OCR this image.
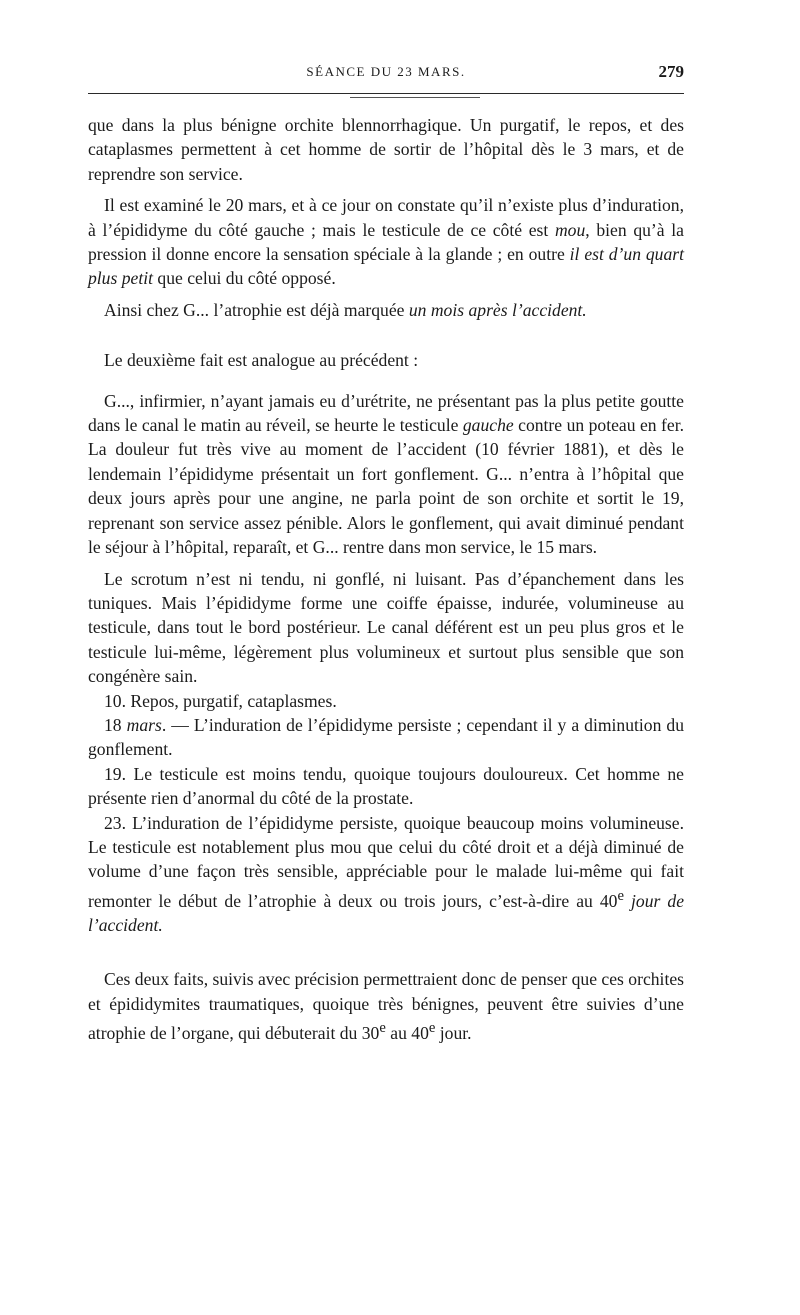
SÉANCE DU 23 MARS.	279

que dans la plus bénigne orchite blennorrhagique. Un purgatif, le repos, et des cataplasmes permettent à cet homme de sortir de l’hôpital dès le 3 mars, et de reprendre son service.

Il est examiné le 20 mars, et à ce jour on constate qu’il n’existe plus d’induration, à l’épididyme du côté gauche ; mais le testicule de ce côté est mou, bien qu’à la pression il donne encore la sensation spéciale à la glande ; en outre il est d’un quart plus petit que celui du côté opposé.

Ainsi chez G... l’atrophie est déjà marquée un mois après l’accident.

Le deuxième fait est analogue au précédent :

G..., infirmier, n’ayant jamais eu d’urétrite, ne présentant pas la plus petite goutte dans le canal le matin au réveil, se heurte le testicule gauche contre un poteau en fer. La douleur fut très vive au moment de l’accident (10 février 1881), et dès le lendemain l’épididyme présentait un fort gonflement. G... n’entra à l’hôpital que deux jours après pour une angine, ne parla point de son orchite et sortit le 19, reprenant son service assez pénible. Alors le gonflement, qui avait diminué pendant le séjour à l’hôpital, reparaît, et G... rentre dans mon service, le 15 mars.

Le scrotum n’est ni tendu, ni gonflé, ni luisant. Pas d’épanchement dans les tuniques. Mais l’épididyme forme une coiffe épaisse, indurée, volumineuse au testicule, dans tout le bord postérieur. Le canal déférent est un peu plus gros et le testicule lui-même, légèrement plus volumineux et surtout plus sensible que son congénère sain.

10. Repos, purgatif, cataplasmes.

18 mars. — L’induration de l’épididyme persiste ; cependant il y a diminution du gonflement.

19. Le testicule est moins tendu, quoique toujours douloureux. Cet homme ne présente rien d’anormal du côté de la prostate.

23. L’induration de l’épididyme persiste, quoique beaucoup moins volumineuse. Le testicule est notablement plus mou que celui du côté droit et a déjà diminué de volume d’une façon très sensible, appréciable pour le malade lui-même qui fait remonter le début de l’atrophie à deux ou trois jours, c’est-à-dire au 40e jour de l’accident.

Ces deux faits, suivis avec précision permettraient donc de penser que ces orchites et épididymites traumatiques, quoique très bénignes, peuvent être suivies d’une atrophie de l’organe, qui débuterait du 30e au 40e jour.
